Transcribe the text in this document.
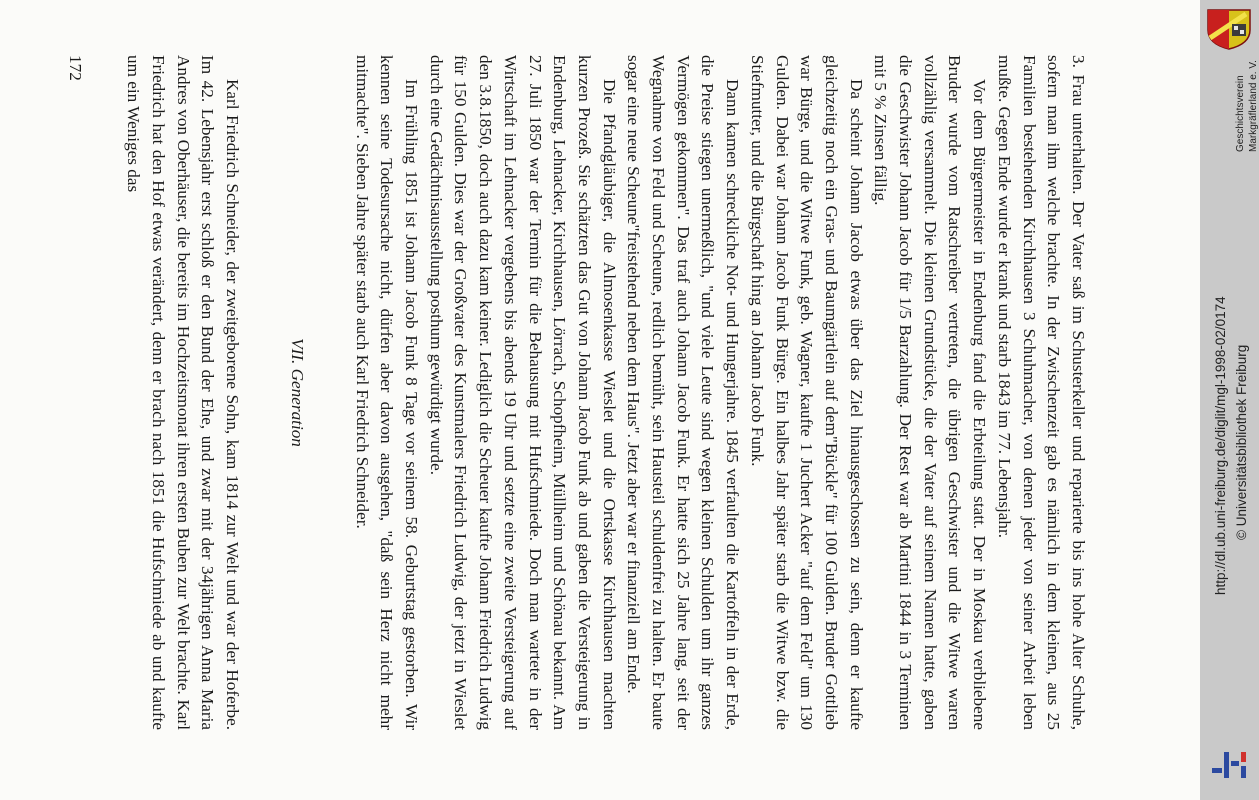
3. Frau unterhalten. Der Vater saß im Schusterkeller und reparierte bis ins hohe Alter Schuhe, sofern man ihm welche brachte. In der Zwischenzeit gab es nämlich in dem kleinen, aus 25 Familien bestehenden Kirchhausen 3 Schuhmacher, von denen jeder von seiner Arbeit leben mußte. Gegen Ende wurde er krank und starb 1843 im 77. Lebensjahr.

Vor dem Bürgermeister in Endenburg fand die Erbteilung statt. Der in Moskau verbliebene Bruder wurde vom Ratschreiber vertreten, die übrigen Geschwister und die Witwe waren vollzählig versammelt. Die kleinen Grundstücke, die der Vater auf seinem Namen hatte, gaben die Geschwister Johann Jacob für 1/5 Barzahlung. Der Rest war ab Martini 1844 in 3 Terminen mit 5 % Zinsen fällig.

Da scheint Johann Jacob etwas über das Ziel hinausgeschossen zu sein, denn er kaufte gleichzeitig noch ein Gras- und Baumgärtlein auf dem"Bückle" für 100 Gulden. Bruder Gottlieb war Bürge, und die Witwe Funk, geb. Wagner, kaufte 1 Juchert Acker "auf dem Feld" um 130 Gulden. Dabei war Johann Jacob Funk Bürge. Ein halbes Jahr später starb die Witwe bzw. die Stiefmutter, und die Bürgschaft hing an Johann Jacob Funk.

Dann kamen schreckliche Not- und Hungerjahre. 1845 verfaulten die Kartoffeln in der Erde, die Preise stiegen unermeßlich, "und viele Leute sind wegen kleinen Schulden um ihr ganzes Vermögen gekommen". Das traf auch Johann Jacob Funk. Er hatte sich 25 Jahre lang, seit der Wegnahme von Feld und Scheune, redlich bemüht, sein Hausteil schuldenfrei zu halten. Er baute sogar eine neue Scheune"freistehend neben dem Haus". Jetzt aber war er finanziell am Ende.

Die Pfandgläubiger, die Almosenkasse Wieslet und die Ortskasse Kirchhausen machten kurzen Prozeß. Sie schätzten das Gut von Johann Jacob Funk ab und gaben die Versteigerung in Endenburg, Lehnacker, Kirchhausen, Lörrach, Schopfheim, Müllheim und Schönau bekannt. Am 27. Juli 1850 war der Termin für die Behausung mit Hufschmiede. Doch man wartete in der Wirtschaft im Lehnacker vergebens bis abends 19 Uhr und setzte eine zweite Versteigerung auf den 3.8.1850, doch auch dazu kam keiner. Lediglich die Scheuer kaufte Johann Friedrich Ludwig für 150 Gulden. Dies war der Großvater des Kunstmalers Friedrich Ludwig, der jetzt in Wieslet durch eine Gedächtnisausstellung posthum gewürdigt wurde.

Im Frühling 1851 ist Johann Jacob Funk 8 Tage vor seinem 58. Geburtstag gestorben. Wir kennen seine Todesursache nicht, dürfen aber davon ausgehen, "daß sein Herz nicht mehr mitmachte". Sieben Jahre später starb auch Karl Friedrich Schneider.

VII. Generation

Karl Friedrich Schneider, der zweitgeborene Sohn, kam 1814 zur Welt und war der Hoferbe. Im 42. Lebensjahr erst schloß er den Bund der Ehe, und zwar mit der 34jährigen Anna Maria Andres von Oberhäuser, die bereits im Hochzeitsmonat ihren ersten Buben zur Welt brachte. Karl Friedrich hat den Hof etwas verändert, denn er brach nach 1851 die Hufschmiede ab und kaufte um ein Weniges das

172

Geschichtsverein Markgräflerland e. V.
http://dl.ub.uni-freiburg.de/diglit/mgl-1998-02/0174 © Universitätsbibliothek Freiburg
